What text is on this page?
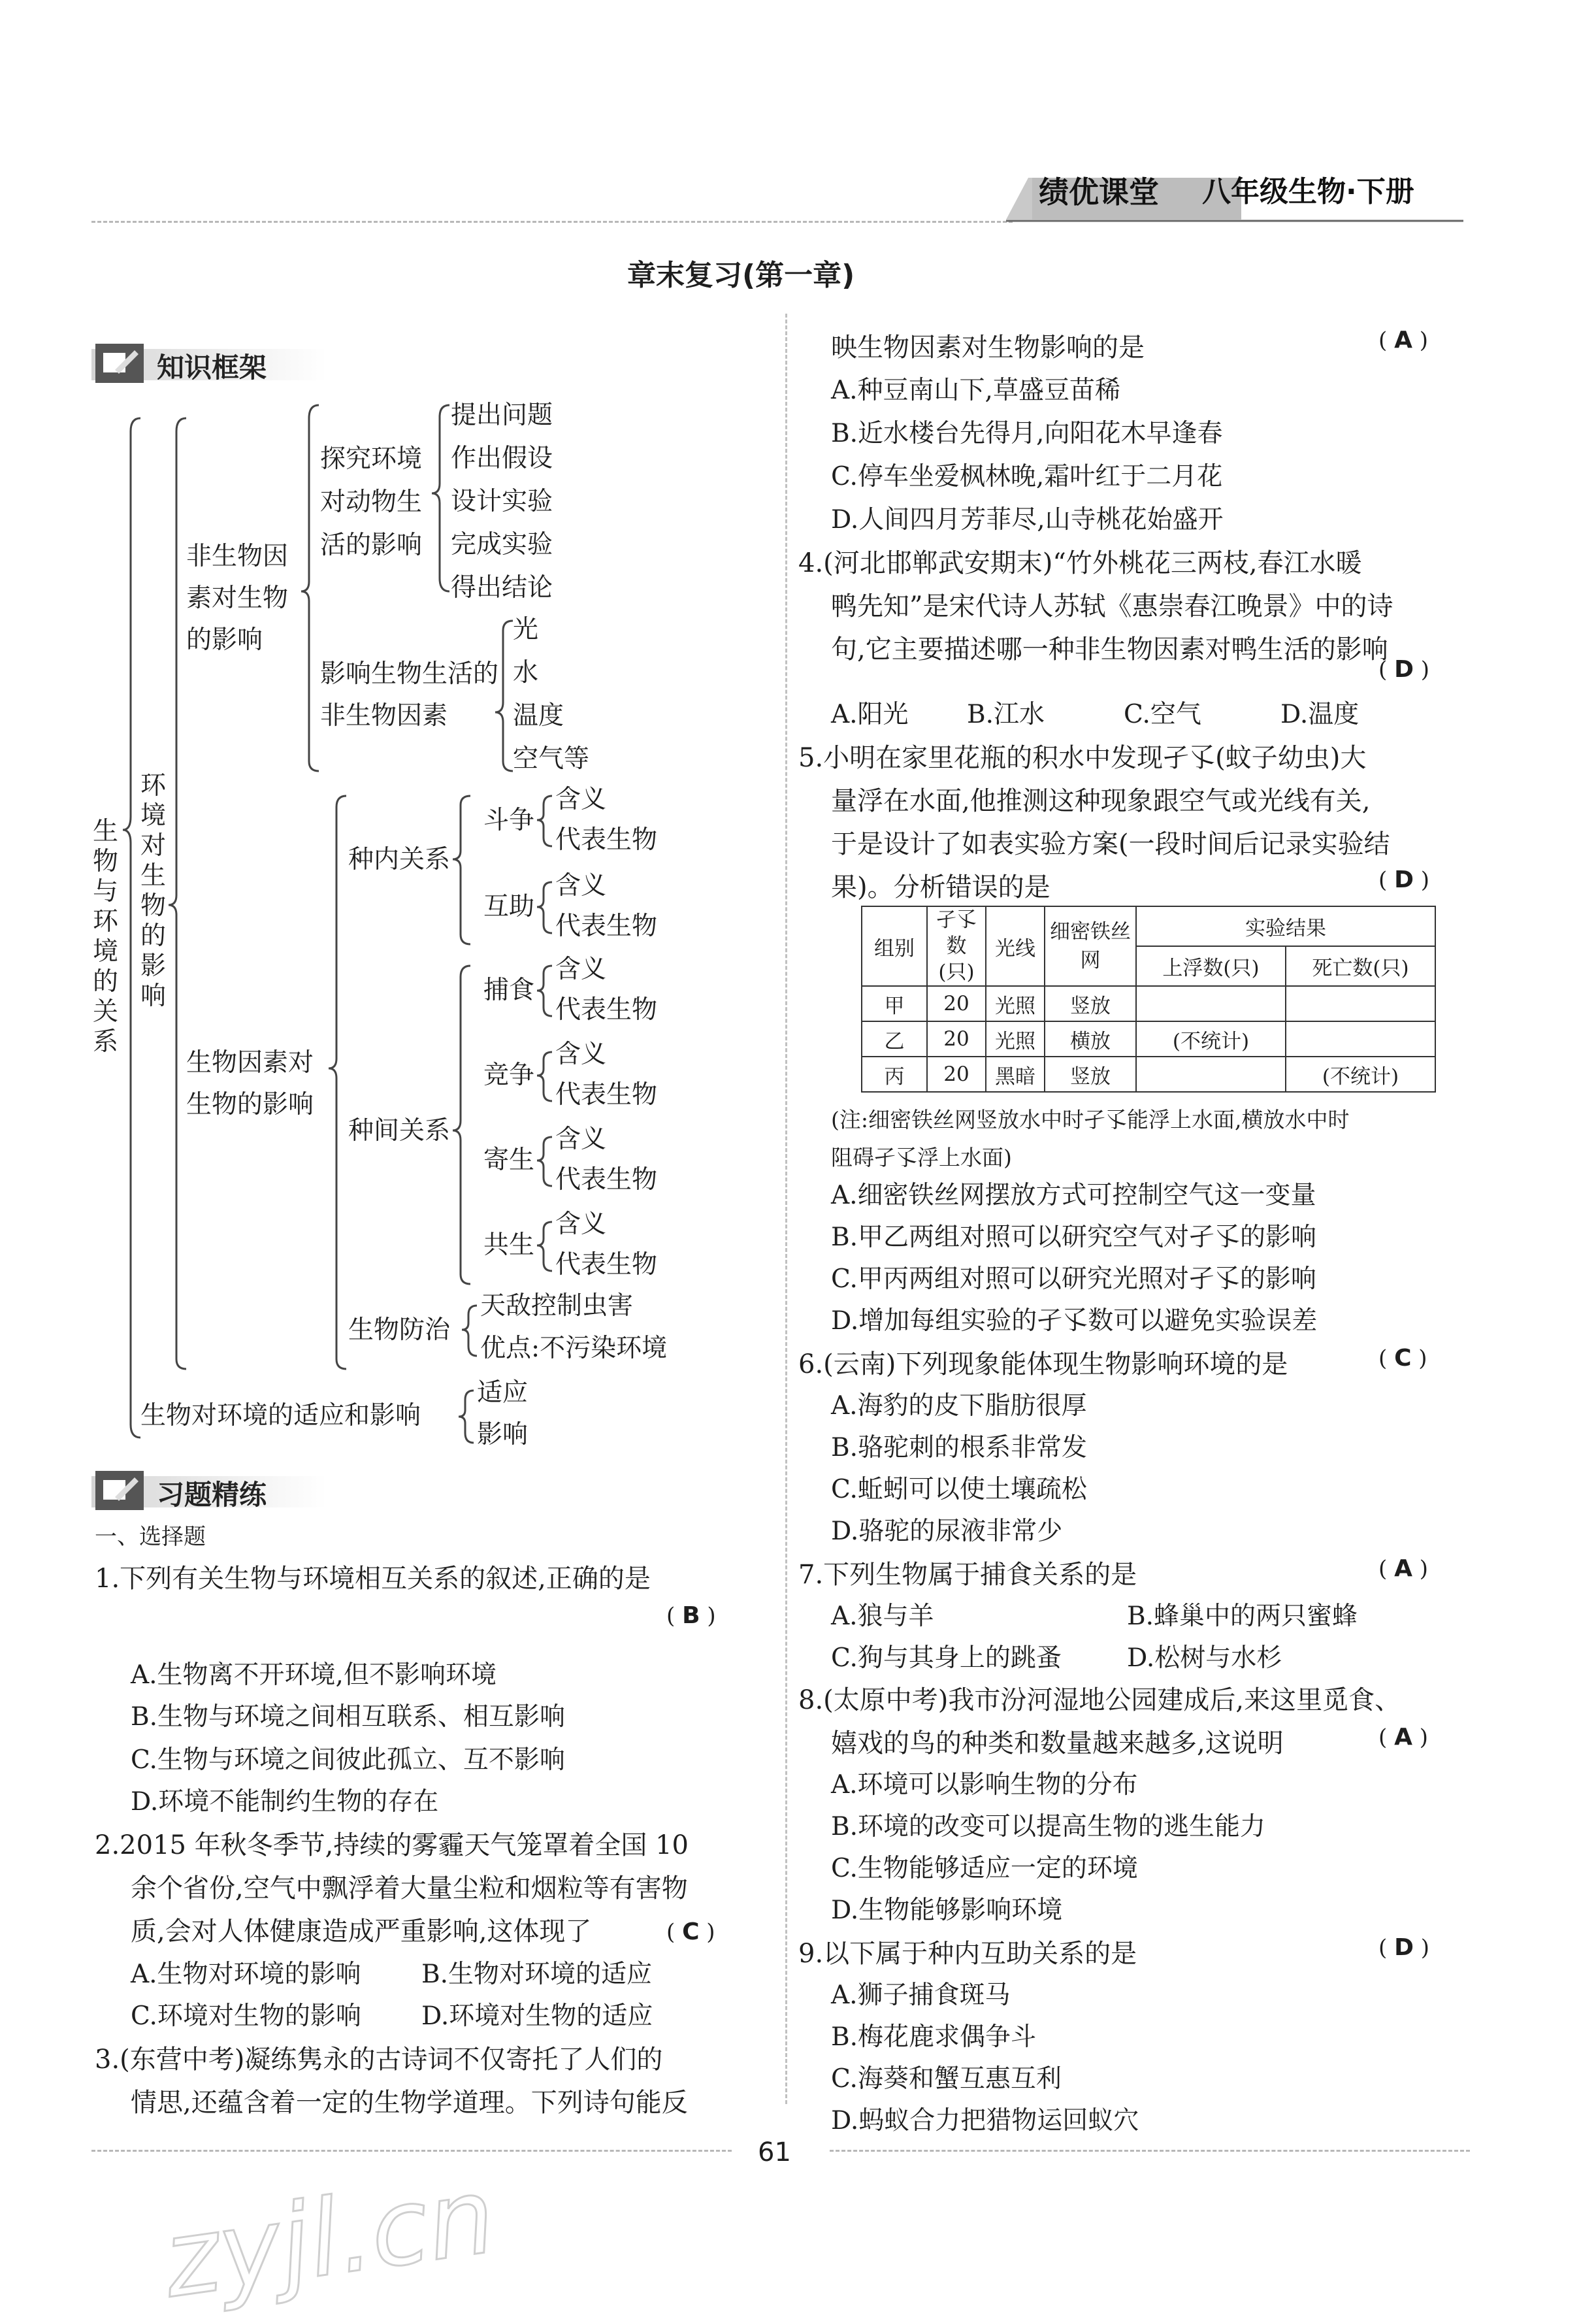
绩优课堂 八年级生物·下册
章末复习(第一章)
知识框架
生物与环境的关系
环境对生物的影响
非生物因素对生物的影响
探究环境对动物生活的影响
提出问题
作出假设
设计实验
完成实验
得出结论
影响生物生活的非生物因素
光
水
温度
空气等
生物因素对生物的影响
种内关系
斗争
互助
种间关系
捕食
竞争
寄生
共生
含义
代表生物
含义
代表生物
含义
代表生物
含义
代表生物
含义
代表生物
含义
代表生物
生物防治
天敌控制虫害
优点:不污染环境
生物对环境的适应和影响
适应
影响
习题精练
一、选择题
1.下列有关生物与环境相互关系的叙述,正确的是
( B )
A.生物离不开环境,但不影响环境
B.生物与环境之间相互联系、相互影响
C.生物与环境之间彼此孤立、互不影响
D.环境不能制约生物的存在
2.2015 年秋冬季节,持续的雾霾天气笼罩着全国 10
余个省份,空气中飘浮着大量尘粒和烟粒等有害物
质,会对人体健康造成严重影响,这体现了	( C )
A.生物对环境的影响 B.生物对环境的适应
C.环境对生物的影响 D.环境对生物的适应
3.(东营中考)凝练隽永的古诗词不仅寄托了人们的
情思,还蕴含着一定的生物学道理。下列诗句能反
映生物因素对生物影响的是	( A )
A.种豆南山下,草盛豆苗稀
B.近水楼台先得月,向阳花木早逢春
C.停车坐爱枫林晚,霜叶红于二月花
D.人间四月芳菲尽,山寺桃花始盛开
4.(河北邯郸武安期末)“竹外桃花三两枝,春江水暖
鸭先知”是宋代诗人苏轼《惠崇春江晚景》中的诗
句,它主要描述哪一种非生物因素对鸭生活的影响
( D )
A.阳光 B.江水	C.空气	D.温度
5.小明在家里花瓶的积水中发现孑孓(蚊子幼虫)大
量浮在水面,他推测这种现象跟空气或光线有关,
于是设计了如表实验方案(一段时间后记录实验结
果)。分析错误的是	( D )
组别	孑孓数(只)	光线	细密铁丝网	实验结果	
				上浮数(只)	死亡数(只)
甲	20	光照	竖放		
乙	20	光照	横放	(不统计)	
丙	20	黑暗	竖放		(不统计)
(注:细密铁丝网竖放水中时孑孓能浮上水面,横放水中时
阻碍孑孓浮上水面)
A.细密铁丝网摆放方式可控制空气这一变量
B.甲乙两组对照可以研究空气对孑孓的影响
C.甲丙两组对照可以研究光照对孑孓的影响
D.增加每组实验的孑孓数可以避免实验误差
6.(云南)下列现象能体现生物影响环境的是	( C )
A.海豹的皮下脂肪很厚
B.骆驼刺的根系非常发
C.蚯蚓可以使土壤疏松
D.骆驼的尿液非常少
7.下列生物属于捕食关系的是	( A )
A.狼与羊	B.蜂巢中的两只蜜蜂
C.狗与其身上的跳蚤	D.松树与水杉
8.(太原中考)我市汾河湿地公园建成后,来这里觅食、
嬉戏的鸟的种类和数量越来越多,这说明	( A )
A.环境可以影响生物的分布
B.环境的改变可以提高生物的逃生能力
C.生物能够适应一定的环境
D.生物能够影响环境
9.以下属于种内互助关系的是	( D )
A.狮子捕食斑马
B.梅花鹿求偶争斗
C.海葵和蟹互惠互利
D.蚂蚁合力把猎物运回蚁穴
61
zyjl.cn
